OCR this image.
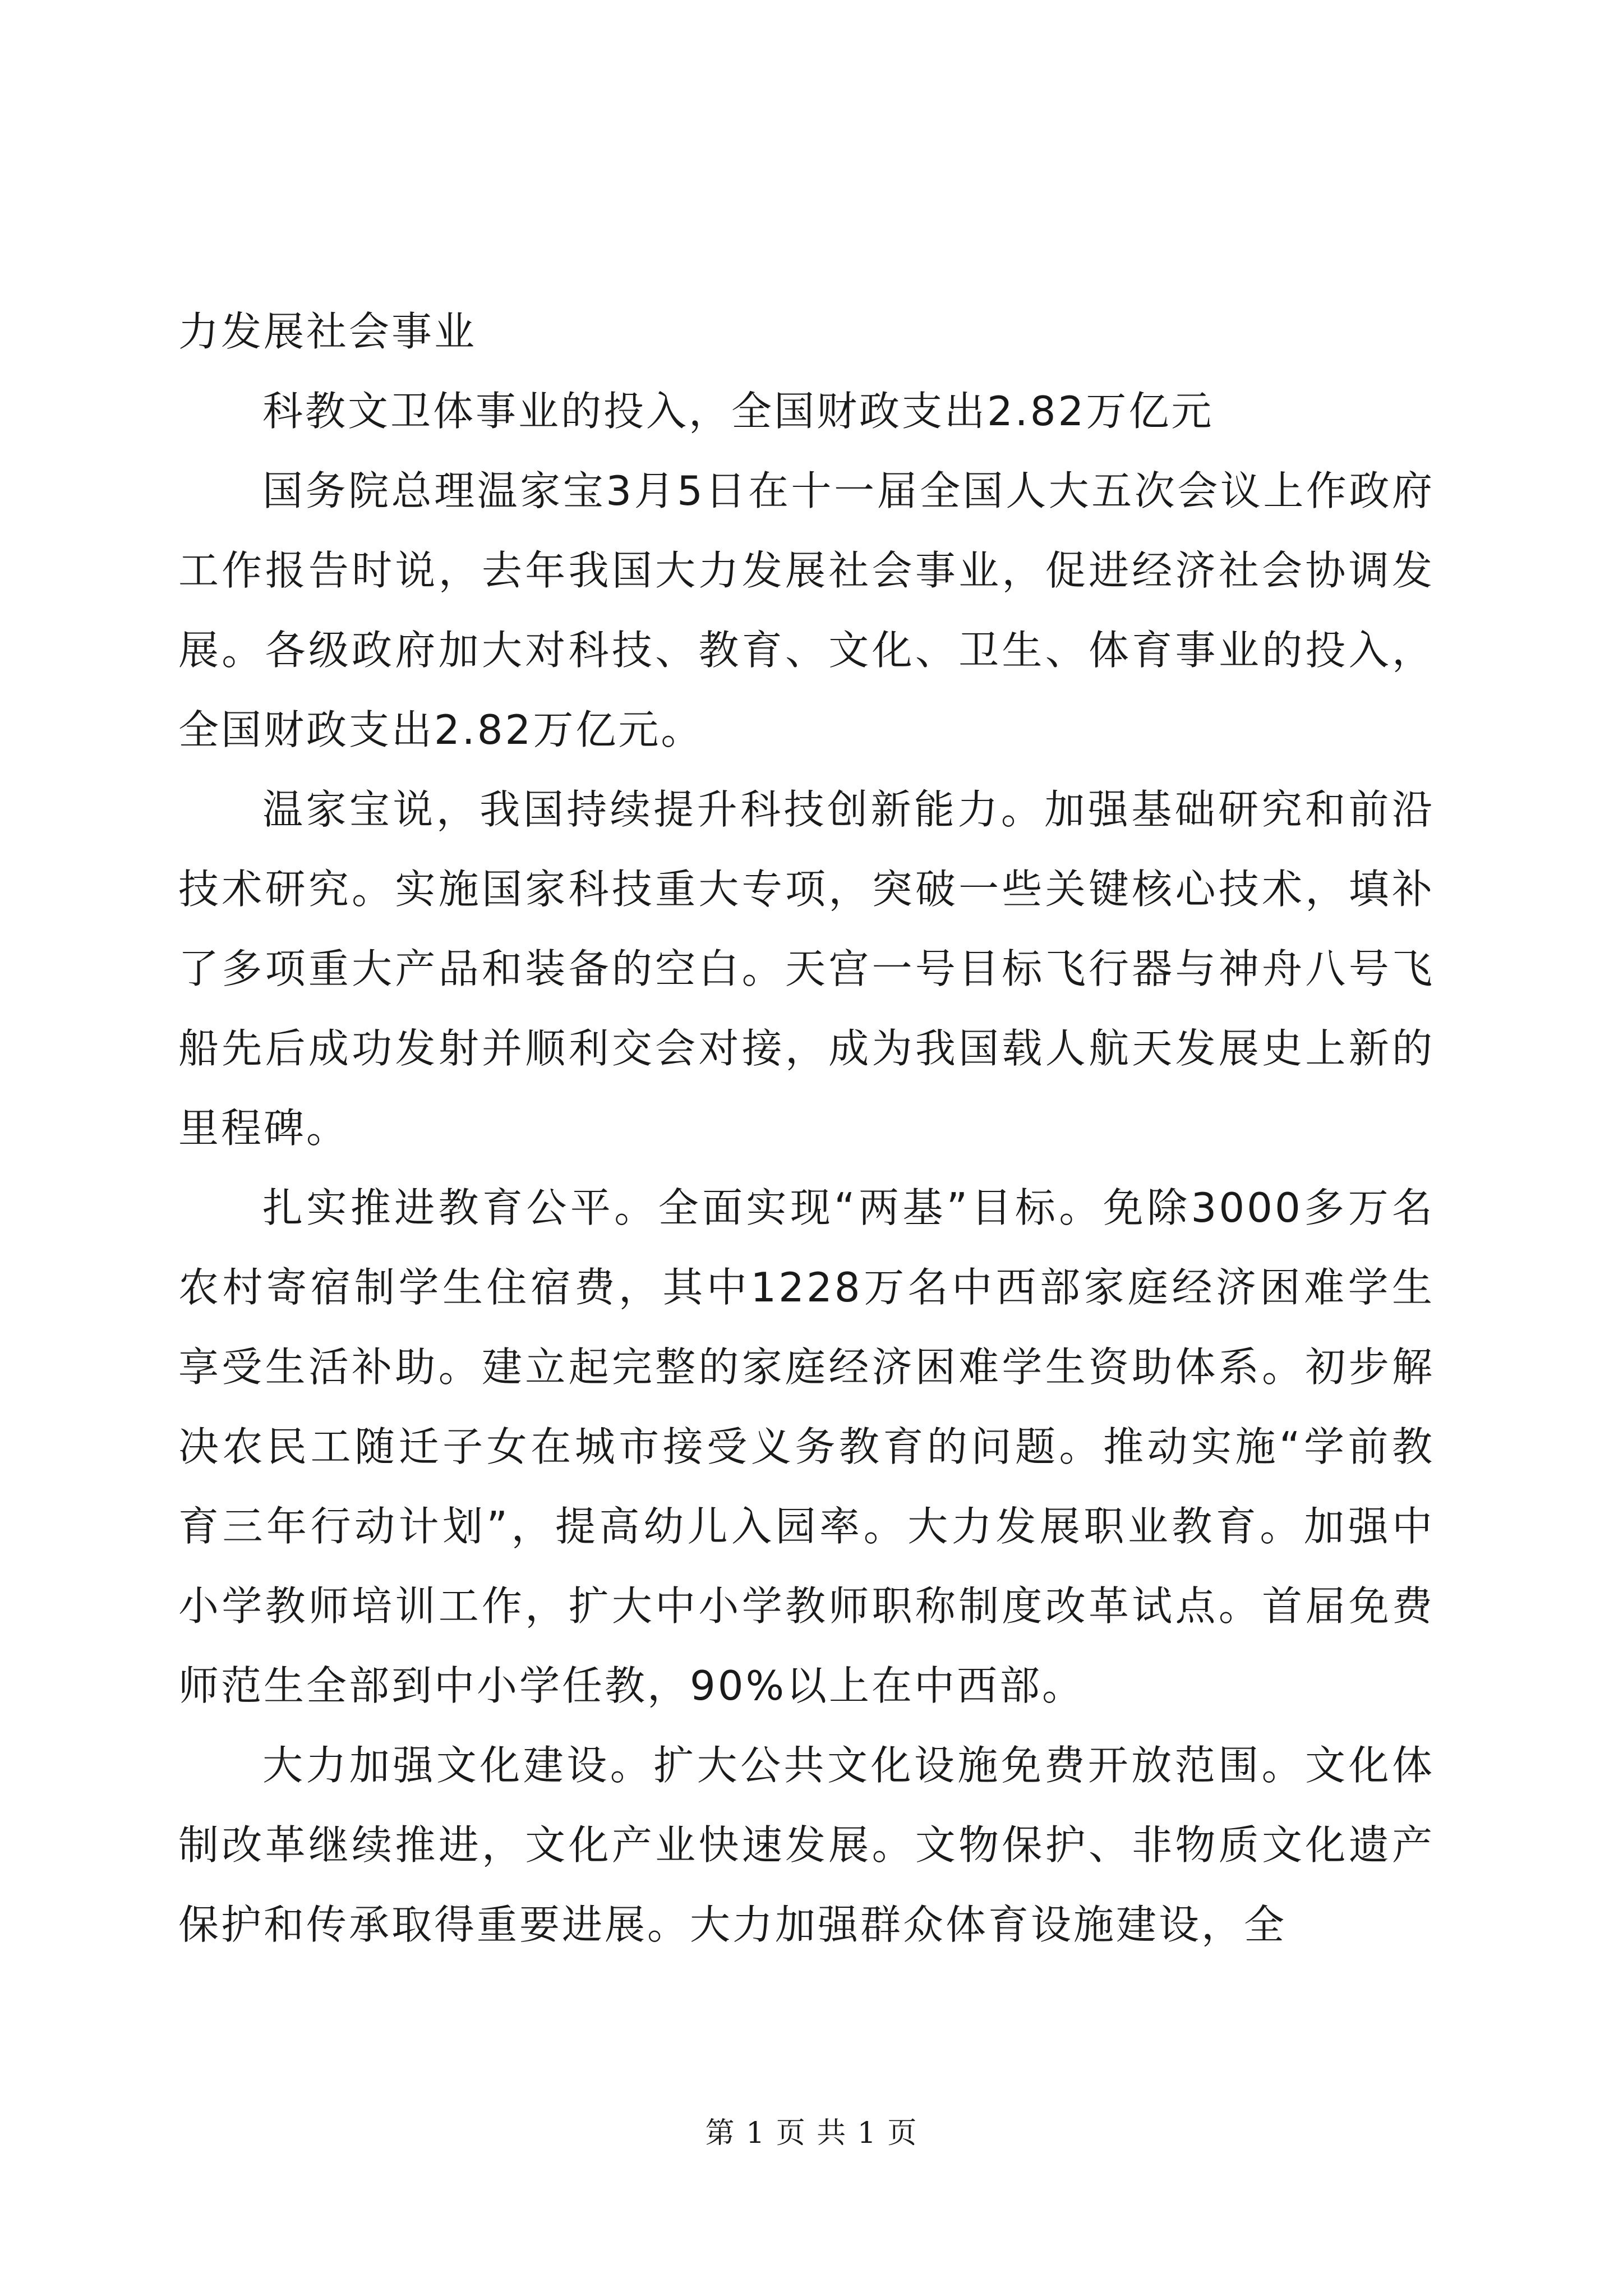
力发展社会事业

科教文卫体事业的投入，全国财政支出2.82万亿元

国务院总理温家宝3月5日在十一届全国人大五次会议上作政府工作报告时说，去年我国大力发展社会事业，促进经济社会协调发展。各级政府加大对科技、教育、文化、卫生、体育事业的投入，全国财政支出2.82万亿元。

温家宝说，我国持续提升科技创新能力。加强基础研究和前沿技术研究。实施国家科技重大专项，突破一些关键核心技术，填补了多项重大产品和装备的空白。天宫一号目标飞行器与神舟八号飞船先后成功发射并顺利交会对接，成为我国载人航天发展史上新的里程碑。

扎实推进教育公平。全面实现“两基”目标。免除3000多万名农村寄宿制学生住宿费，其中1228万名中西部家庭经济困难学生享受生活补助。建立起完整的家庭经济困难学生资助体系。初步解决农民工随迁子女在城市接受义务教育的问题。推动实施“学前教育三年行动计划”，提高幼儿入园率。大力发展职业教育。加强中小学教师培训工作，扩大中小学教师职称制度改革试点。首届免费师范生全部到中小学任教，90%以上在中西部。

大力加强文化建设。扩大公共文化设施免费开放范围。文化体制改革继续推进，文化产业快速发展。文物保护、非物质文化遗产保护和传承取得重要进展。大力加强群众体育设施建设，全

第 1 页 共 1 页
